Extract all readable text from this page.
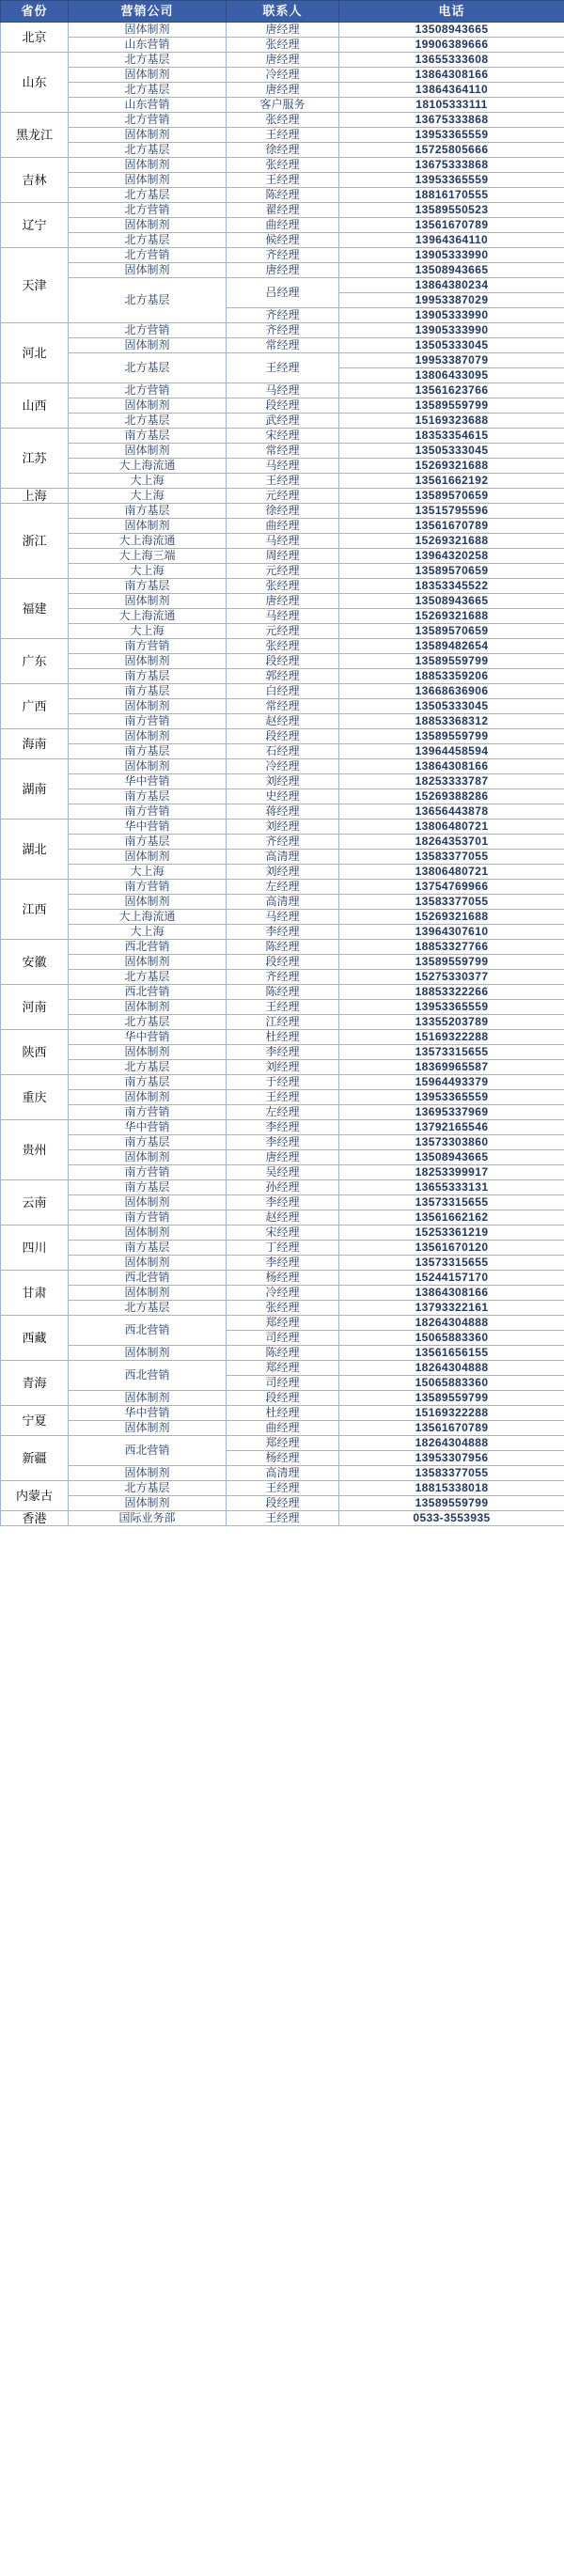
省份	营销公司	联系人	电话
北京	固体制剂	唐经理	13508943665
	山东营销	张经理	19906389666
山东	北方基层	唐经理	13655333608
	固体制剂	冷经理	13864308166
	北方基层	唐经理	13864364110
	山东营销	客户服务	18105333111
黑龙江	北方营销	张经理	13675333868
	固体制剂	王经理	13953365559
	北方基层	徐经理	15725805666
吉林	固体制剂	张经理	13675333868
	固体制剂	王经理	13953365559
	北方基层	陈经理	18816170555
辽宁	北方营销	翟经理	13589550523
	固体制剂	曲经理	13561670789
	北方基层	候经理	13964364110
天津	北方营销	齐经理	13905333990
	固体制剂	唐经理	13508943665
	北方基层	吕经理	13864380234
			19953387029
		齐经理	13905333990
河北	北方营销	齐经理	13905333990
	固体制剂	常经理	13505333045
	北方基层	王经理	19953387079
			13806433095
山西	北方营销	马经理	13561623766
	固体制剂	段经理	13589559799
	北方基层	武经理	15169323688
江苏	南方基层	宋经理	18353354615
	固体制剂	常经理	13505333045
	大上海流通	马经理	15269321688
	大上海	王经理	13561662192
上海	大上海	元经理	13589570659
浙江	南方基层	徐经理	13515795596
	固体制剂	曲经理	13561670789
	大上海流通	马经理	15269321688
	大上海三端	周经理	13964320258
	大上海	元经理	13589570659
福建	南方基层	张经理	18353345522
	固体制剂	唐经理	13508943665
	大上海流通	马经理	15269321688
	大上海	元经理	13589570659
广东	南方营销	张经理	13589482654
	固体制剂	段经理	13589559799
	南方基层	郭经理	18853359206
广西	南方基层	白经理	13668636906
	固体制剂	常经理	13505333045
	南方营销	赵经理	18853368312
海南	固体制剂	段经理	13589559799
	南方基层	石经理	13964458594
湖南	固体制剂	冷经理	13864308166
	华中营销	刘经理	18253333787
	南方基层	史经理	15269388286
	南方营销	蒋经理	13656443878
湖北	华中营销	刘经理	13806480721
	南方基层	齐经理	18264353701
	固体制剂	高清理	13583377055
	大上海	刘经理	13806480721
江西	南方营销	左经理	13754769966
	固体制剂	高清理	13583377055
	大上海流通	马经理	15269321688
	大上海	李经理	13964307610
安徽	西北营销	陈经理	18853327766
	固体制剂	段经理	13589559799
	北方基层	齐经理	15275330377
河南	西北营销	陈经理	18853322266
	固体制剂	王经理	13953365559
	北方基层	江经理	13355203789
陕西	华中营销	杜经理	15169322288
	固体制剂	李经理	13573315655
	北方基层	刘经理	18369965587
重庆	南方基层	于经理	15964493379
	固体制剂	王经理	13953365559
	南方营销	左经理	13695337969
贵州	华中营销	李经理	13792165546
	南方基层	李经理	13573303860
	固体制剂	唐经理	13508943665
	南方营销	吴经理	18253399917
云南	南方基层	孙经理	13655333131
	固体制剂	李经理	13573315655
	南方营销	赵经理	13561662162
四川	固体制剂	宋经理	15253361219
	南方基层	丁经理	13561670120
	固体制剂	李经理	13573315655
甘肃	西北营销	杨经理	15244157170
	固体制剂	冷经理	13864308166
	北方基层	张经理	13793322161
西藏	西北营销	郑经理	18264304888
		司经理	15065883360
	固体制剂	陈经理	13561656155
青海	西北营销	郑经理	18264304888
		司经理	15065883360
	固体制剂	段经理	13589559799
宁夏	华中营销	杜经理	15169322288
	固体制剂	曲经理	13561670789
新疆	西北营销	郑经理	18264304888
		杨经理	13953307956
	固体制剂	高清理	13583377055
内蒙古	北方基层	王经理	18815338018
	固体制剂	段经理	13589559799
香港	国际业务部	王经理	0533-3553935
